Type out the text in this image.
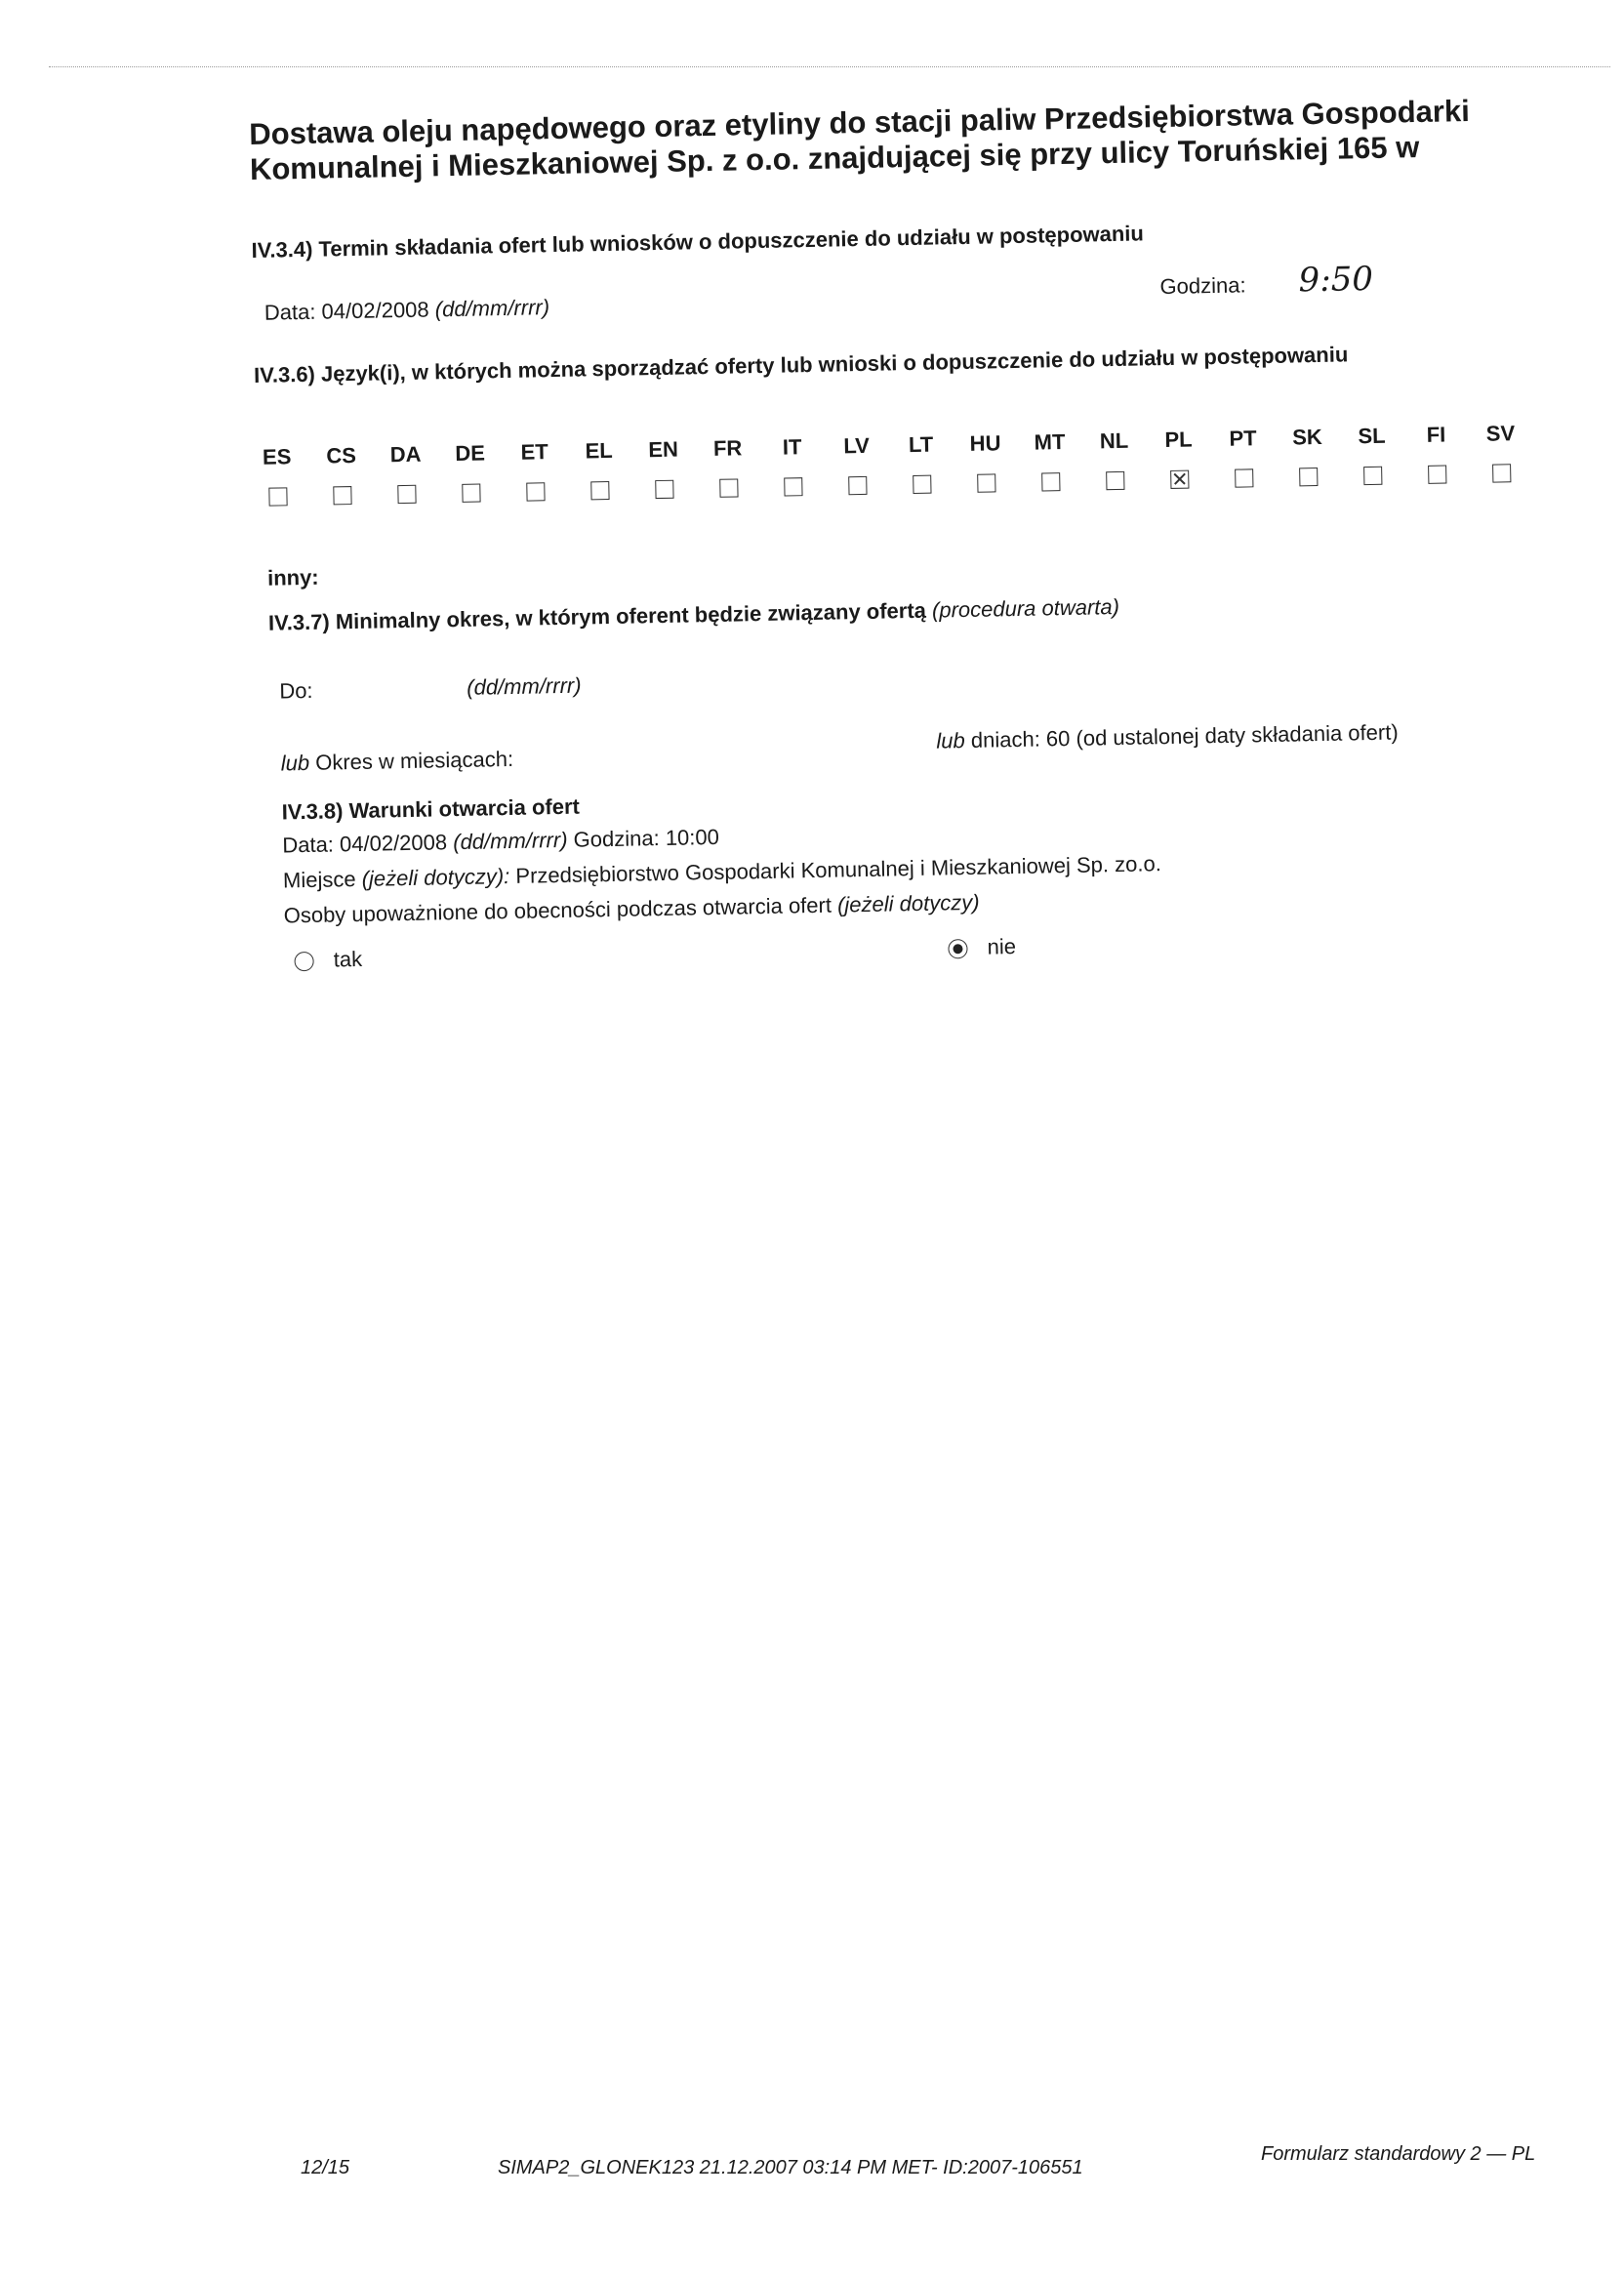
Dostawa oleju napędowego oraz etyliny do stacji paliw Przedsiębiorstwa Gospodarki Komunalnej i Mieszkaniowej Sp. z o.o. znajdującej się przy ulicy Toruńskiej 165 w
IV.3.4) Termin składania ofert lub wniosków o dopuszczenie do udziału w postępowaniu
Data: 04/02/2008 (dd/mm/rrrr)
Godzina: 9:50
IV.3.6) Język(i), w których można sporządzać oferty lub wnioski o dopuszczenie do udziału w postępowaniu
ES	CS	DA	DE	ET	EL	EN	FR	IT	LV	LT	HU MT	NL	PL	PT	SK	SL	FI	SV
inny:
IV.3.7) Minimalny okres, w którym oferent będzie związany ofertą (procedura otwarta)
Do:	(dd/mm/rrrr)
lub Okres w miesiącach:
lub dniach: 60 (od ustalonej daty składania ofert)
IV.3.8) Warunki otwarcia ofert
Data: 04/02/2008 (dd/mm/rrrr) Godzina: 10:00
Miejsce (jeżeli dotyczy): Przedsiębiorstwo Gospodarki Komunalnej i Mieszkaniowej Sp. zo.o.
Osoby upoważnione do obecności podczas otwarcia ofert (jeżeli dotyczy)
tak
nie
12/15	SIMAP2_GLONEK123 21.12.2007 03:14 PM MET- ID:2007-106551
Formularz standardowy 2 — PL
